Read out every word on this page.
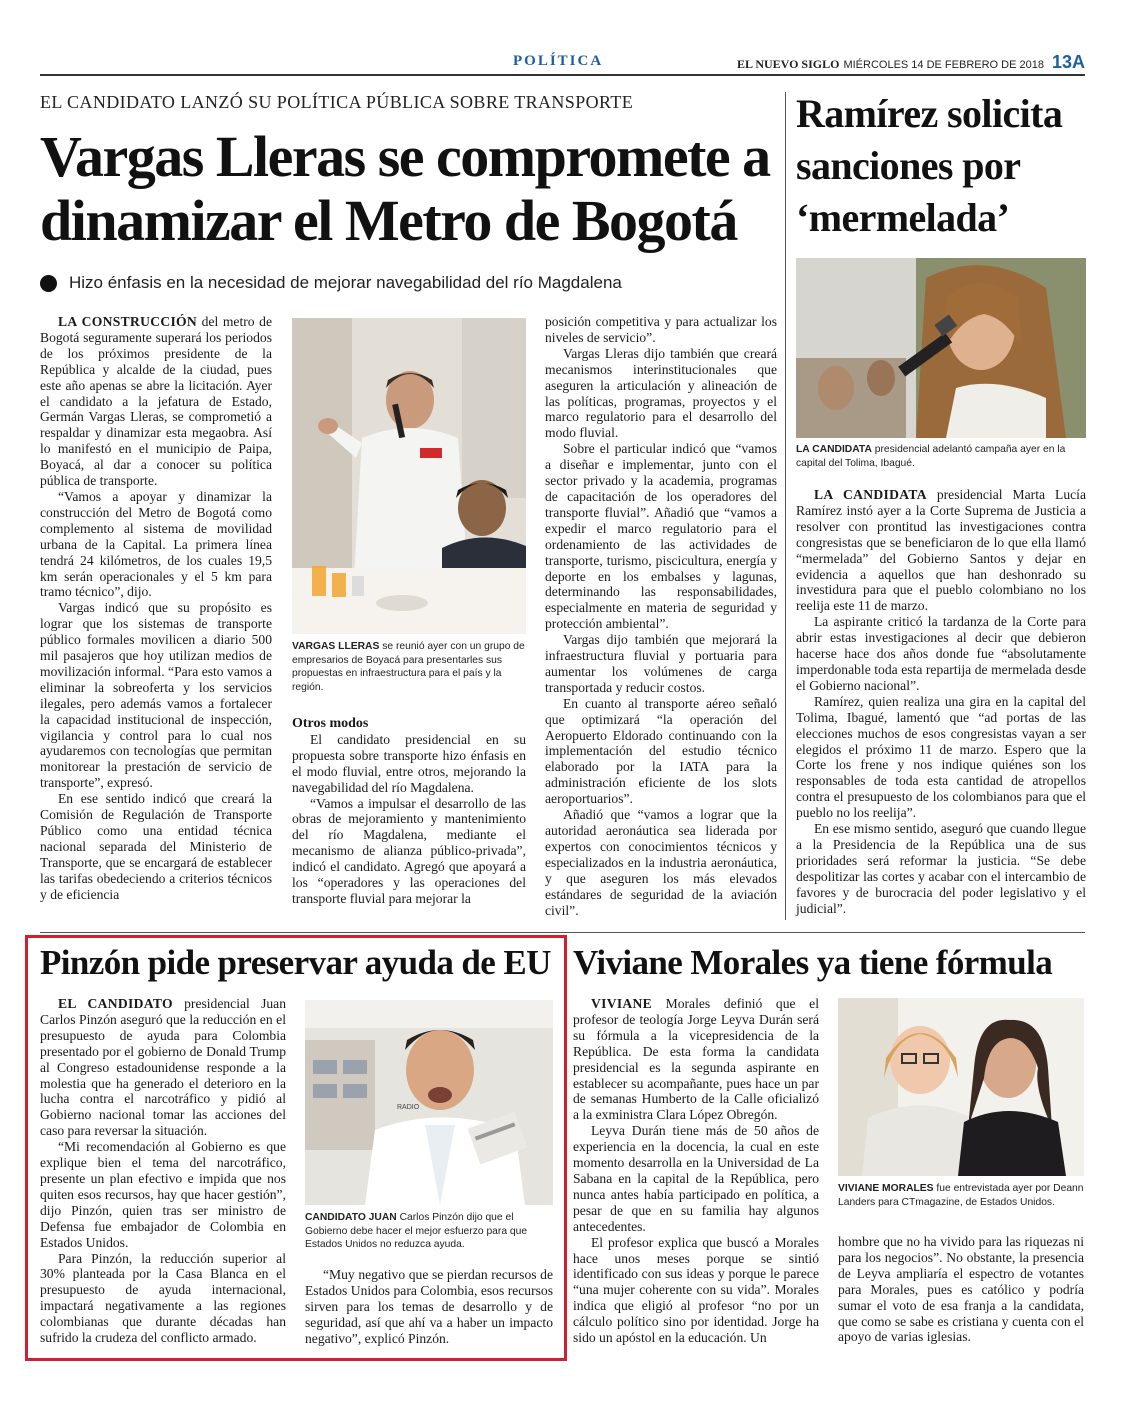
POLÍTICA	EL NUEVO SIGLO MIÉRCOLES 14 DE FEBRERO DE 2018 13A
EL CANDIDATO LANZÓ SU POLÍTICA PÚBLICA SOBRE TRANSPORTE
Vargas Lleras se compromete a dinamizar el Metro de Bogotá
Hizo énfasis en la necesidad de mejorar navegabilidad del río Magdalena

LA CONSTRUCCIÓN del metro de Bogotá seguramente superará los periodos de los próximos presidente de la República y alcalde de la ciudad, pues este año apenas se abre la licitación. Ayer el candidato a la jefatura de Estado, Germán Vargas Lleras, se comprometió a respaldar y dinamizar esta megaobra. Así lo manifestó en el municipio de Paipa, Boyacá, al dar a conocer su política pública de transporte.

“Vamos a apoyar y dinamizar la construcción del Metro de Bogotá como complemento al sistema de movilidad urbana de la Capital. La primera línea tendrá 24 kilómetros, de los cuales 19,5 km serán operacionales y el 5 km para tramo técnico”, dijo.

Vargas indicó que su propósito es lograr que los sistemas de transporte público formales movilicen a diario 500 mil pasajeros que hoy utilizan medios de movilización informal. “Para esto vamos a eliminar la sobreoferta y los servicios ilegales, pero además vamos a fortalecer la capacidad institucional de inspección, vigilancia y control para lo cual nos ayudaremos con tecnologías que permitan monitorear la prestación de servicio de transporte”, expresó.

En ese sentido indicó que creará la Comisión de Regulación de Transporte Público como una entidad técnica nacional separada del Ministerio de Transporte, que se encargará de establecer las tarifas obedeciendo a criterios técnicos y de eficiencia

VARGAS LLERAS se reunió ayer con un grupo de empresarios de Boyacá para presentarles sus propuestas en infraestructura para el país y la región.

Otros modos

El candidato presidencial en su propuesta sobre transporte hizo énfasis en el modo fluvial, entre otros, mejorando la navegabilidad del río Magdalena.

“Vamos a impulsar el desarrollo de las obras de mejoramiento y mantenimiento del río Magdalena, mediante el mecanismo de alianza público-privada”, indicó el candidato. Agregó que apoyará a los “operadores y las operaciones del transporte fluvial para mejorar la

posición competitiva y para actualizar los niveles de servicio”.

Vargas Lleras dijo también que creará mecanismos interinstitucionales que aseguren la articulación y alineación de las políticas, programas, proyectos y el marco regulatorio para el desarrollo del modo fluvial.

Sobre el particular indicó que “vamos a diseñar e implementar, junto con el sector privado y la academia, programas de capacitación de los operadores del transporte fluvial”. Añadió que “vamos a expedir el marco regulatorio para el ordenamiento de las actividades de transporte, turismo, piscicultura, energía y deporte en los embalses y lagunas, determinando las responsabilidades, especialmente en materia de seguridad y protección ambiental”.

Vargas dijo también que mejorará la infraestructura fluvial y portuaria para aumentar los volúmenes de carga transportada y reducir costos.

En cuanto al transporte aéreo señaló que optimizará “la operación del Aeropuerto Eldorado continuando con la implementación del estudio técnico elaborado por la IATA para la administración eficiente de los slots aeroportuarios”.

Añadió que “vamos a lograr que la autoridad aeronáutica sea liderada por expertos con conocimientos técnicos y especializados en la industria aeronáutica, y que aseguren los más elevados estándares de seguridad de la aviación civil”.

Ramírez solicita sanciones por ‘mermelada’
LA CANDIDATA presidencial adelantó campaña ayer en la capital del Tolima, Ibagué.

LA CANDIDATA presidencial Marta Lucía Ramírez instó ayer a la Corte Suprema de Justicia a resolver con prontitud las investigaciones contra congresistas que se beneficiaron de lo que ella llamó “mermelada” del Gobierno Santos y dejar en evidencia a aquellos que han deshonrado su investidura para que el pueblo colombiano no los reelija este 11 de marzo.

La aspirante criticó la tardanza de la Corte para abrir estas investigaciones al decir que debieron hacerse hace dos años donde fue “absolutamente imperdonable toda esta repartija de mermelada desde el Gobierno nacional”.

Ramírez, quien realiza una gira en la capital del Tolima, Ibagué, lamentó que “ad portas de las elecciones muchos de esos congresistas vayan a ser elegidos el próximo 11 de marzo. Espero que la Corte los frene y nos indique quiénes son los responsables de toda esta cantidad de atropellos contra el presupuesto de los colombianos para que el pueblo no los reelija”.

En ese mismo sentido, aseguró que cuando llegue a la Presidencia de la República una de sus prioridades será reformar la justicia. “Se debe despolitizar las cortes y acabar con el intercambio de favores y de burocracia del poder legislativo y el judicial”.

Pinzón pide preservar ayuda de EU

EL CANDIDATO presidencial Juan Carlos Pinzón aseguró que la reducción en el presupuesto de ayuda para Colombia presentado por el gobierno de Donald Trump al Congreso estadounidense responde a la molestia que ha generado el deterioro en la lucha contra el narcotráfico y pidió al Gobierno nacional tomar las acciones del caso para reversar la situación.

“Mi recomendación al Gobierno es que explique bien el tema del narcotráfico, presente un plan efectivo e impida que nos quiten esos recursos, hay que hacer gestión”, dijo Pinzón, quien tras ser ministro de Defensa fue embajador de Colombia en Estados Unidos.

Para Pinzón, la reducción superior al 30% planteada por la Casa Blanca en el presupuesto de ayuda internacional, impactará negativamente a las regiones colombianas que durante décadas han sufrido la crudeza del conflicto armado.

RADIO
CANDIDATO JUAN Carlos Pinzón dijo que el Gobierno debe hacer el mejor esfuerzo para que Estados Unidos no reduzca ayuda.

“Muy negativo que se pierdan recursos de Estados Unidos para Colombia, esos recursos sirven para los temas de desarrollo y de seguridad, así que ahí va a haber un impacto negativo”, explicó Pinzón.

Viviane Morales ya tiene fórmula

VIVIANE Morales definió que el profesor de teología Jorge Leyva Durán será su fórmula a la vicepresidencia de la República. De esta forma la candidata presidencial es la segunda aspirante en establecer su acompañante, pues hace un par de semanas Humberto de la Calle oficializó a la exministra Clara López Obregón.

Leyva Durán tiene más de 50 años de experiencia en la docencia, la cual en este momento desarrolla en la Universidad de La Sabana en la capital de la República, pero nunca antes había participado en política, a pesar de que en su familia hay algunos antecedentes.

El profesor explica que buscó a Morales hace unos meses porque se sintió identificado con sus ideas y porque le parece “una mujer coherente con su vida”. Morales indica que eligió al profesor “no por un cálculo político sino por identidad. Jorge ha sido un apóstol en la educación. Un

VIVIANE MORALES fue entrevistada ayer por Deann Landers para CTmagazine, de Estados Unidos.

hombre que no ha vivido para las riquezas ni para los negocios”. No obstante, la presencia de Leyva ampliaría el espectro de votantes para Morales, pues es católico y podría sumar el voto de esa franja a la candidata, que como se sabe es cristiana y cuenta con el apoyo de varias iglesias.
